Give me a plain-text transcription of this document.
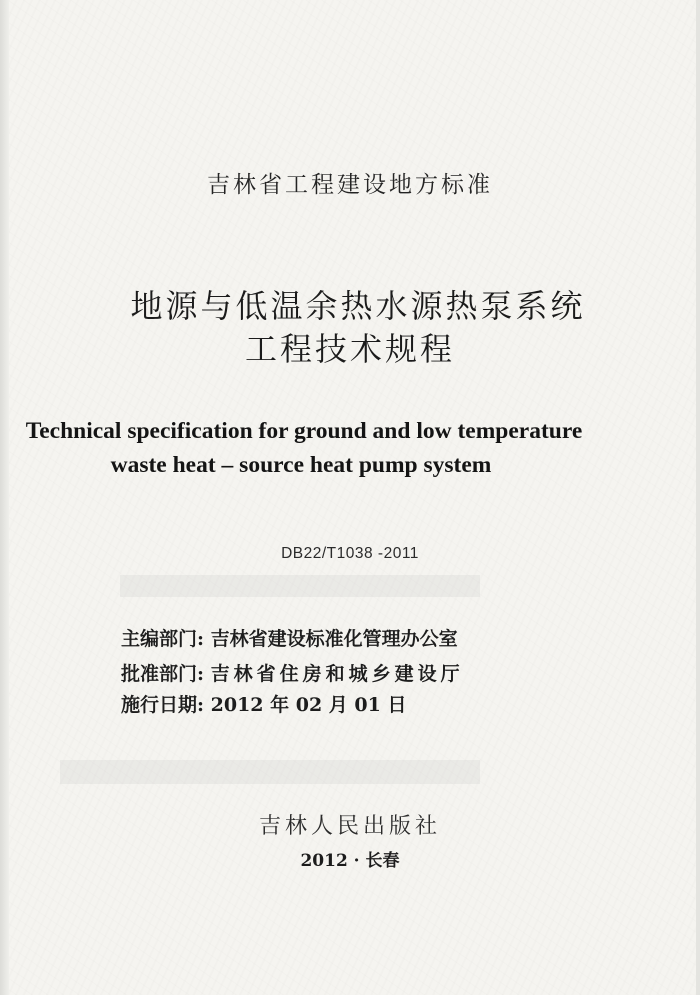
吉林省工程建设地方标准
地源与低温余热水源热泵系统
工程技术规程
Technical specification for ground and low temperature
waste heat – source heat pump system
DB22/T1038 -2011
主编部门: 吉林省建设标准化管理办公室
批准部门: 吉林省住房和城乡建设厅
施行日期: 2012 年 02 月 01 日
吉林人民出版社
2012 · 长春
